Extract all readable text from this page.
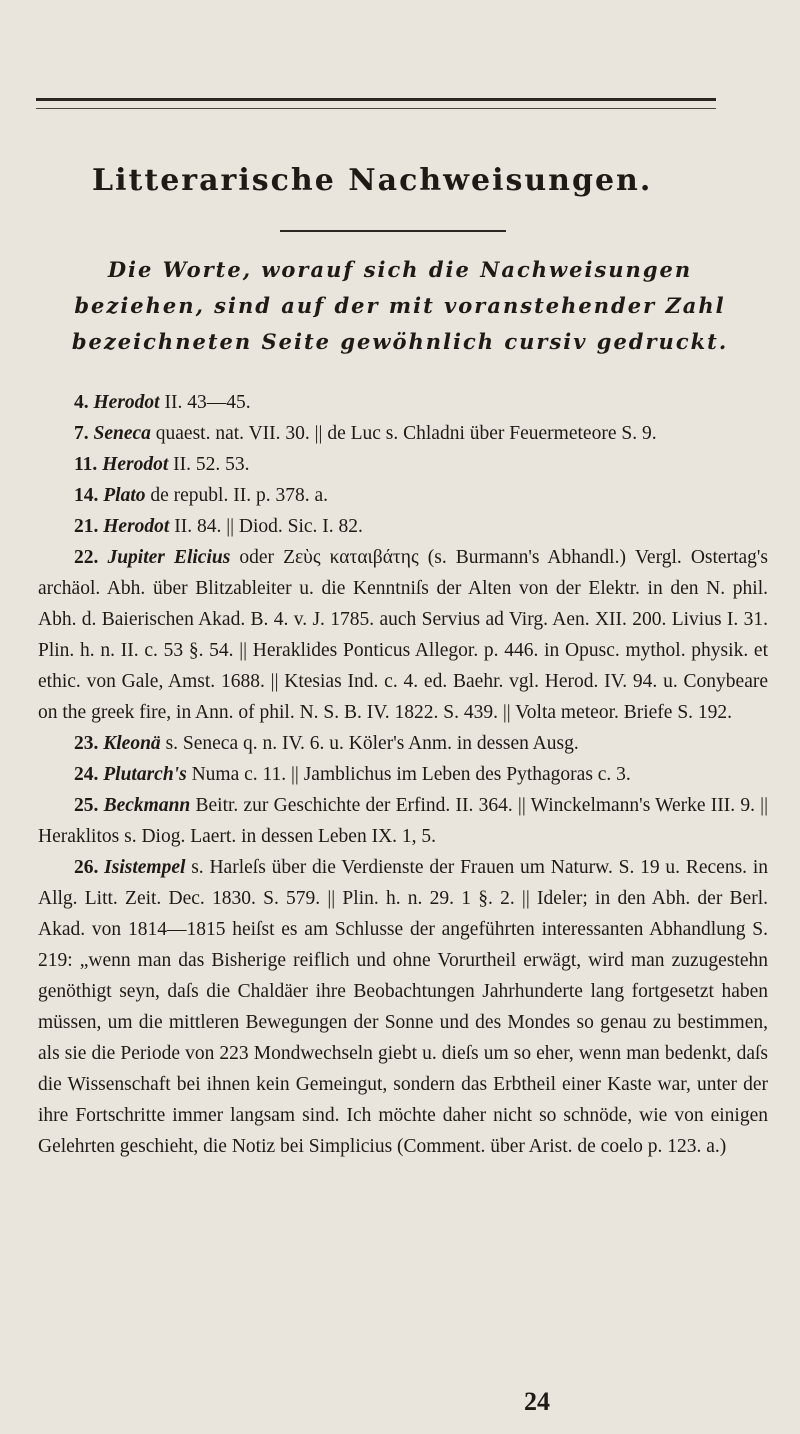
Litterarische Nachweisungen.

Die Worte, worauf sich die Nachweisungen beziehen, sind auf der mit voranstehender Zahl bezeichneten Seite gewöhnlich cursiv gedruckt.

4. Herodot II. 43—45.

7. Seneca quaest. nat. VII. 30. || de Luc s. Chladni über Feuermeteore S. 9.

11. Herodot II. 52. 53.

14. Plato de republ. II. p. 378. a.

21. Herodot II. 84. || Diod. Sic. I. 82.

22. Jupiter Elicius oder Ζεὺς καταιβάτης (s. Burmann's Abhandl.) Vergl. Ostertag's archäol. Abh. über Blitzableiter u. die Kenntniſs der Alten von der Elektr. in den N. phil. Abh. d. Baierischen Akad. B. 4. v. J. 1785. auch Servius ad Virg. Aen. XII. 200. Livius I. 31. Plin. h. n. II. c. 53 §. 54. || Heraklides Ponticus Allegor. p. 446. in Opusc. mythol. physik. et ethic. von Gale, Amst. 1688. || Ktesias Ind. c. 4. ed. Baehr. vgl. Herod. IV. 94. u. Conybeare on the greek fire, in Ann. of phil. N. S. B. IV. 1822. S. 439. || Volta meteor. Briefe S. 192.

23. Kleonä s. Seneca q. n. IV. 6. u. Köler's Anm. in dessen Ausg.

24. Plutarch's Numa c. 11. || Jamblichus im Leben des Pythagoras c. 3.

25. Beckmann Beitr. zur Geschichte der Erfind. II. 364. || Winckelmann's Werke III. 9. || Heraklitos s. Diog. Laert. in dessen Leben IX. 1, 5.

26. Isistempel s. Harleſs über die Verdienste der Frauen um Naturw. S. 19 u. Recens. in Allg. Litt. Zeit. Dec. 1830. S. 579. || Plin. h. n. 29. 1 §. 2. || Ideler; in den Abh. der Berl. Akad. von 1814—1815 heiſst es am Schlusse der angeführten interessanten Abhandlung S. 219: „wenn man das Bisherige reiflich und ohne Vorurtheil erwägt, wird man zuzugestehn genöthigt seyn, daſs die Chaldäer ihre Beobachtungen Jahrhunderte lang fortgesetzt haben müssen, um die mittleren Bewegungen der Sonne und des Mondes so genau zu bestimmen, als sie die Periode von 223 Mondwechseln giebt u. dieſs um so eher, wenn man bedenkt, daſs die Wissenschaft bei ihnen kein Gemeingut, sondern das Erbtheil einer Kaste war, unter der ihre Fortschritte immer langsam sind. Ich möchte daher nicht so schnöde, wie von einigen Gelehrten geschieht, die Notiz bei Simplicius (Comment. über Arist. de coelo p. 123. a.)

24
